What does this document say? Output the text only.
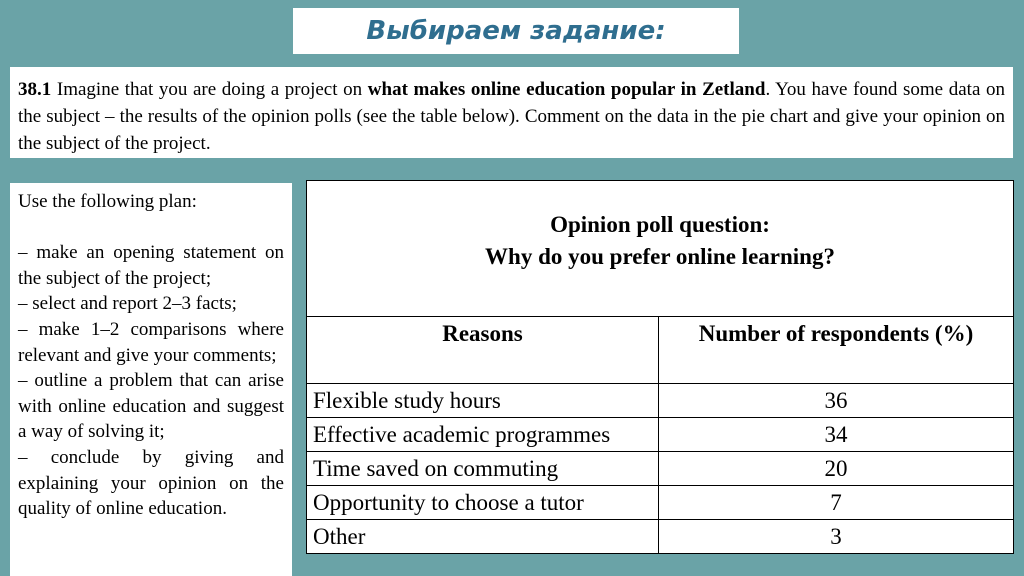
Выбираем задание:
38.1 Imagine that you are doing a project on what makes online education popular in Zetland. You have found some data on the subject – the results of the opinion polls (see the table below). Comment on the data in the pie chart and give your opinion on the subject of the project.

Use the following plan:

– make an opening statement on the subject of the project;

– select and report 2–3 facts;

– make 1–2 comparisons where relevant and give your comments;

– outline a problem that can arise with online education and suggest a way of solving it;

– conclude by giving and explaining your opinion on the quality of online education.

Opinion poll question:
Why do you prefer online learning?	

Reasons	Number of respondents (%)
Flexible study hours	36
Effective academic programmes	34
Time saved on commuting	20
Opportunity to choose a tutor	7
Other	3
